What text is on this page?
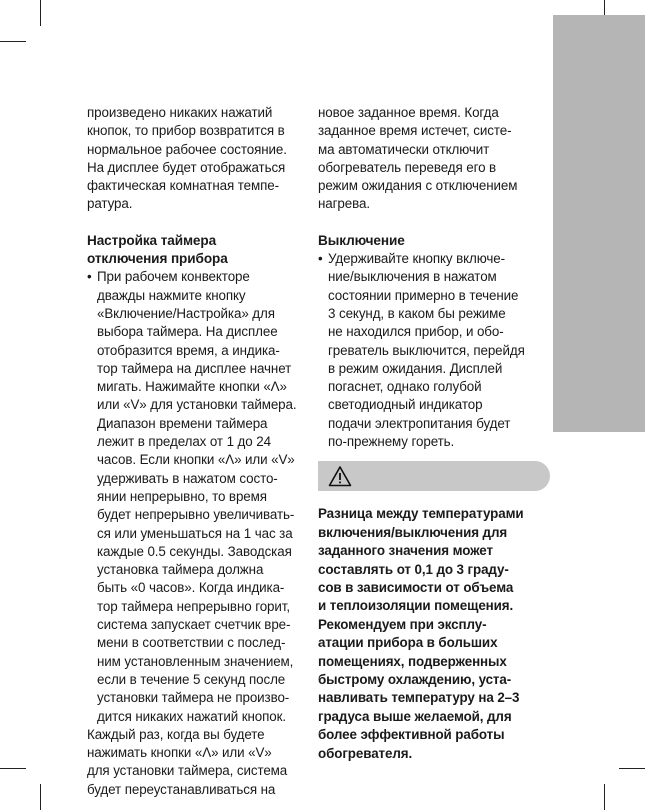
произведено никаких нажатий

кнопок, то прибор возвратится в

нормальное рабочее состояние.

На дисплее будет отображаться

фактическая комнатная темпе-

ратура.

Настройка таймера
отключения прибора
• При рабочем конвекторе

дважды нажмите кнопку

«Включение/Настройка» для

выбора таймера. На дисплее

отобразится время, а индика-

тор таймера на дисплее начнет

мигать. Нажимайте кнопки «Λ»

или «V» для установки таймера.

Диапазон времени таймера

лежит в пределах от 1 до 24

часов. Если кнопки «Λ» или «V»

удерживать в нажатом состо-

янии непрерывно, то время

будет непрерывно увеличивать-

ся или уменьшаться на 1 час за

каждые 0.5 секунды. Заводская

установка таймера должна

быть «0 часов». Когда индика-

тор таймера непрерывно горит,

система запускает счетчик вре-

мени в соответствии с послед-

ним установленным значением,

если в течение 5 секунд после

установки таймера не произво-

дится никаких нажатий кнопок.

Каждый раз, когда вы будете

нажимать кнопки «Λ» или «V»

для установки таймера, система

будет переустанавливаться на

новое заданное время. Когда

заданное время истечет, систе-

ма автоматически отключит

обогреватель переведя его в

режим ожидания с отключением

нагрева.

Выключение
• Удерживайте кнопку включе-

ние/выключения в нажатом

состоянии примерно в течение

3 секунд, в каком бы режиме

не находился прибор, и обо-

греватель выключится, перейдя

в режим ожидания. Дисплей

погаснет, однако голубой

светодиодный индикатор

подачи электропитания будет

по-прежнему гореть.

Разница между температурами

включения/выключения для

заданного значения может

составлять от 0,1 до 3 граду-

сов в зависимости от объема

и теплоизоляции помещения.

Рекомендуем при эксплу-

атации прибора в больших

помещениях, подверженных

быстрому охлаждению, уста-

навливать температуру на 2–3

градуса выше желаемой, для

более эффективной работы

обогревателя.
